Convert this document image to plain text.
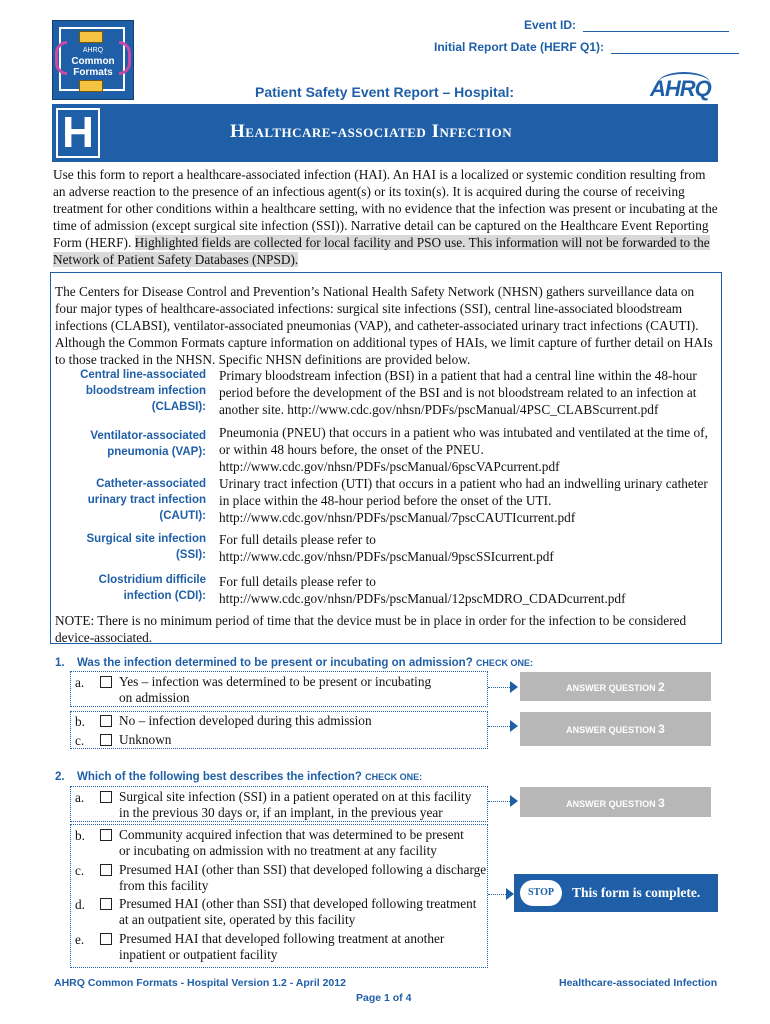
AHRQ
Common
Formats
Event ID:
Initial Report Date (HERF Q1):
Patient Safety Event Report – Hospital:	AHRQ
H	Healthcare-associated Infection
Use this form to report a healthcare-associated infection (HAI). An HAI is a localized or systemic condition resulting from an adverse reaction to the presence of an infectious agent(s) or its toxin(s). It is acquired during the course of receiving treatment for other conditions within a healthcare setting, with no evidence that the infection was present or incubating at the time of admission (except surgical site infection (SSI)). Narrative detail can be captured on the Healthcare Event Reporting Form (HERF). Highlighted fields are collected for local facility and PSO use. This information will not be forwarded to the Network of Patient Safety Databases (NPSD).
The Centers for Disease Control and Prevention’s National Health Safety Network (NHSN) gathers surveillance data on four major types of healthcare-associated infections: surgical site infections (SSI), central line-associated bloodstream infections (CLABSI), ventilator-associated pneumonias (VAP), and catheter-associated urinary tract infections (CAUTI). Although the Common Formats capture information on additional types of HAIs, we limit capture of further detail on HAIs to those tracked in the NHSN. Specific NHSN definitions are provided below.
Central line-associated
bloodstream infection
(CLABSI):
Primary bloodstream infection (BSI) in a patient that had a central line within the 48-hour
period before the development of the BSI and is not bloodstream related to an infection at
another site. http://www.cdc.gov/nhsn/PDFs/pscManual/4PSC_CLABScurrent.pdf
Ventilator-associated
pneumonia (VAP):
Pneumonia (PNEU) that occurs in a patient who was intubated and ventilated at the time of,
or within 48 hours before, the onset of the PNEU.
http://www.cdc.gov/nhsn/PDFs/pscManual/6pscVAPcurrent.pdf
Catheter-associated
urinary tract infection
(CAUTI):
Urinary tract infection (UTI) that occurs in a patient who had an indwelling urinary catheter
in place within the 48-hour period before the onset of the UTI.
http://www.cdc.gov/nhsn/PDFs/pscManual/7pscCAUTIcurrent.pdf
Surgical site infection
(SSI):
For full details please refer to
http://www.cdc.gov/nhsn/PDFs/pscManual/9pscSSIcurrent.pdf
Clostridium difficile
infection (CDI):
For full details please refer to
http://www.cdc.gov/nhsn/PDFs/pscManual/12pscMDRO_CDADcurrent.pdf
NOTE: There is no minimum period of time that the device must be in place in order for the infection to be considered device-associated.
1. Was the infection determined to be present or incubating on admission? CHECK ONE:
a.	Yes – infection was determined to be present or incubating
on admission
b.	No – infection developed during this admission
c.	Unknown
ANSWER QUESTION 2
ANSWER QUESTION 3
2. Which of the following best describes the infection? CHECK ONE:
a.	Surgical site infection (SSI) in a patient operated on at this facility
in the previous 30 days or, if an implant, in the previous year
b.	Community acquired infection that was determined to be present
or incubating on admission with no treatment at any facility
c.	Presumed HAI (other than SSI) that developed following a discharge
from this facility
d.	Presumed HAI (other than SSI) that developed following treatment
at an outpatient site, operated by this facility
e.	Presumed HAI that developed following treatment at another
inpatient or outpatient facility
ANSWER QUESTION 3
STOP	This form is complete.
AHRQ Common Formats - Hospital Version 1.2 - April 2012	Healthcare-associated Infection
Page 1 of 4
